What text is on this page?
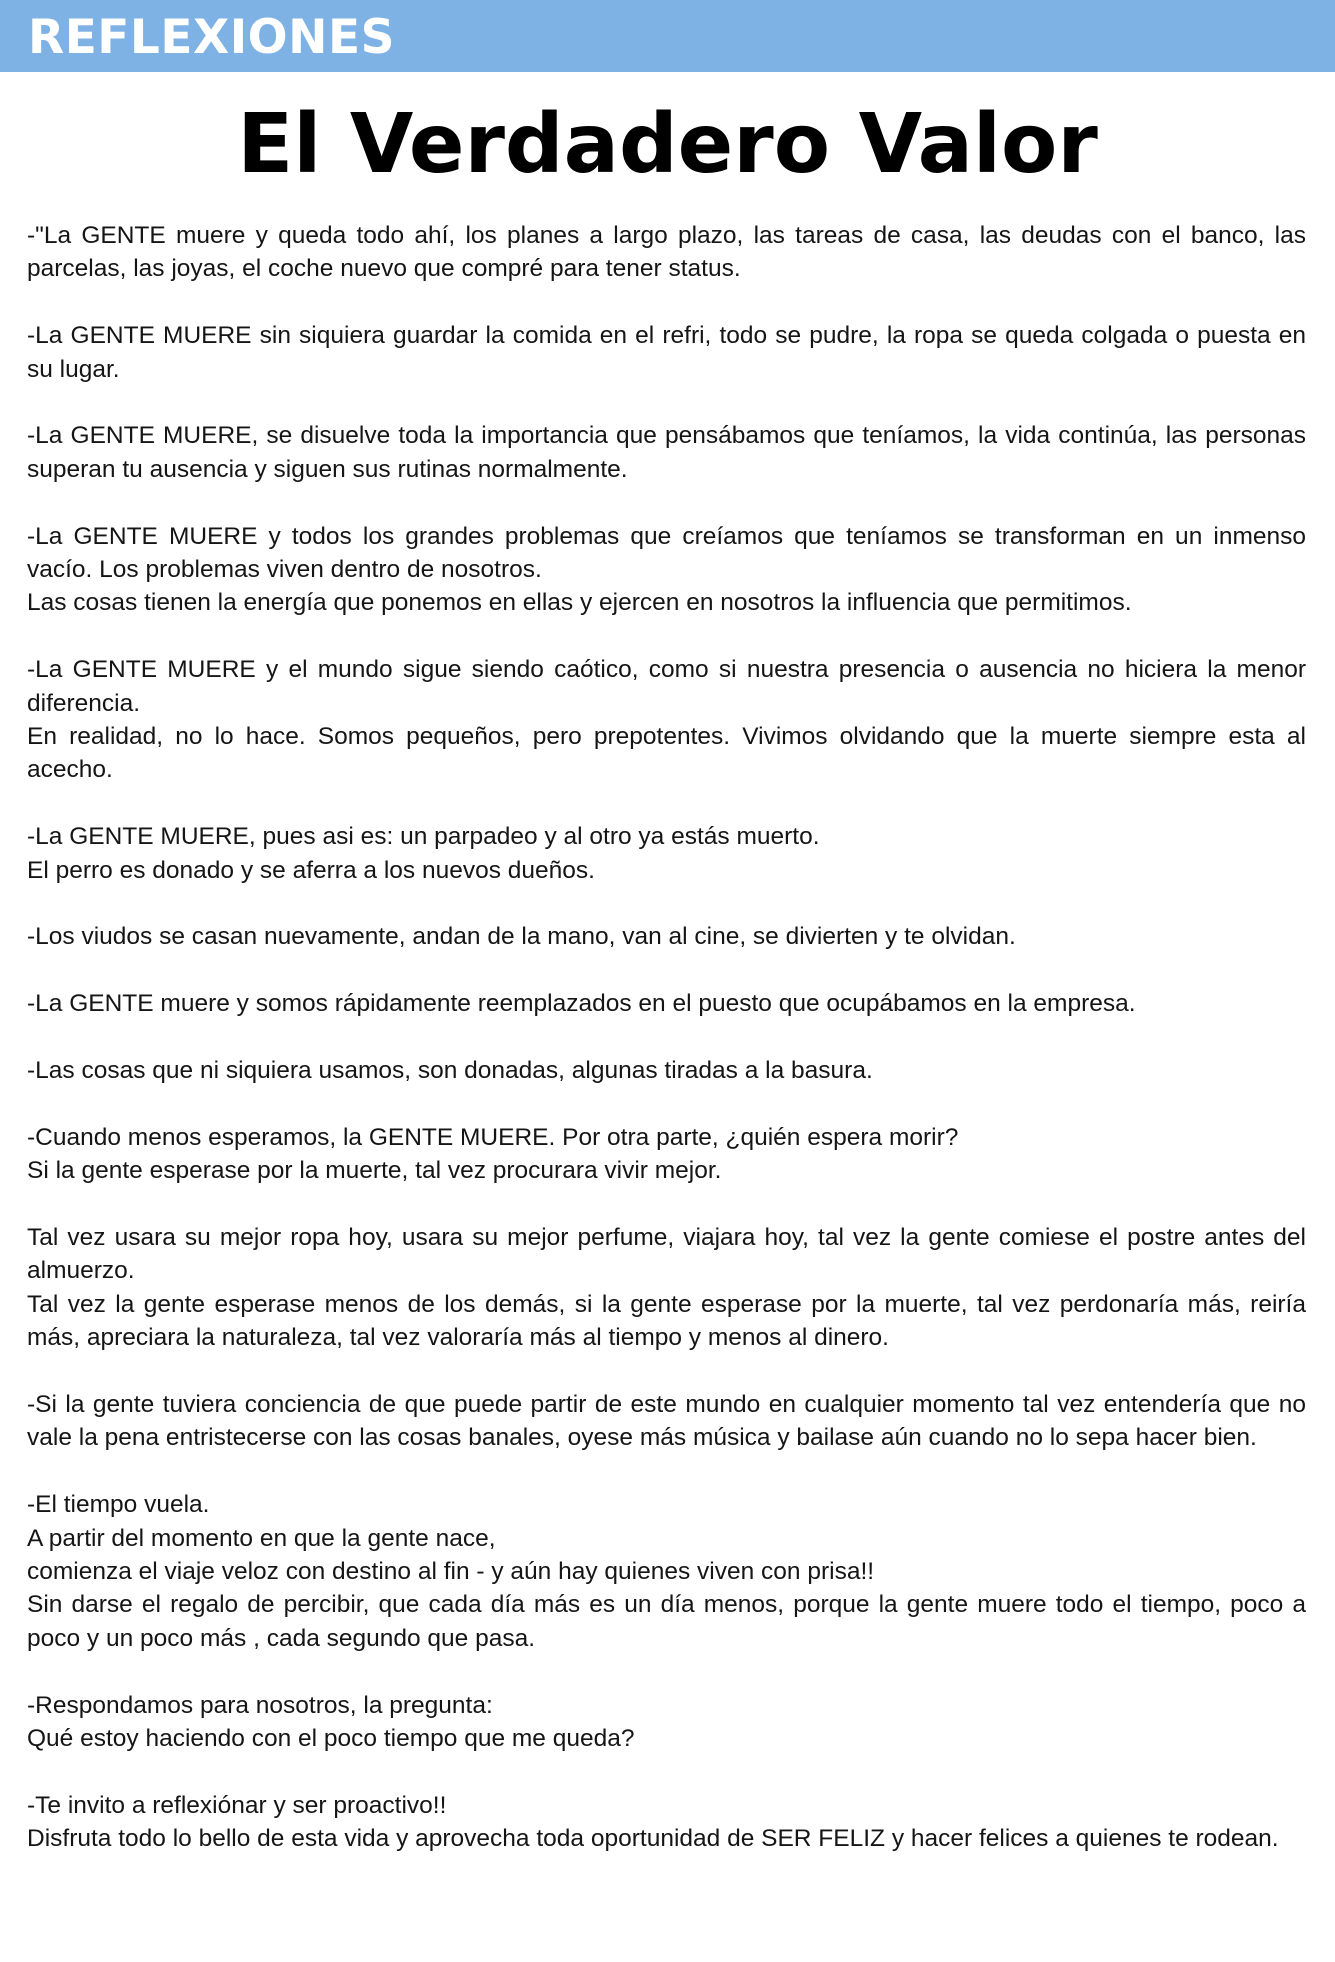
REFLEXIONES
El Verdadero Valor

-"La GENTE muere y queda todo ahí, los planes a largo plazo, las tareas de casa, las deudas con el banco, las parcelas, las joyas, el coche nuevo que compré para tener status.

-La GENTE MUERE sin siquiera guardar la comida en el refri, todo se pudre, la ropa se queda colgada o puesta en su lugar.

-La GENTE MUERE, se disuelve toda la importancia que pensábamos que teníamos, la vida continúa, las personas superan tu ausencia y siguen sus rutinas normalmente.

-La GENTE MUERE y todos los grandes problemas que creíamos que teníamos se transforman en un inmenso vacío. Los problemas viven dentro de nosotros.
Las cosas tienen la energía que ponemos en ellas y ejercen en nosotros la influencia que permitimos.

-La GENTE MUERE y el mundo sigue siendo caótico, como si nuestra presencia o ausencia no hiciera la menor diferencia.
En realidad, no lo hace. Somos pequeños, pero prepotentes. Vivimos olvidando que la muerte siempre esta al acecho.

-La GENTE MUERE, pues asi es: un parpadeo y al otro ya estás muerto.
El perro es donado y se aferra a los nuevos dueños.

-Los viudos se casan nuevamente, andan de la mano, van al cine, se divierten y te olvidan.

-La GENTE muere y somos rápidamente reemplazados en el puesto que ocupábamos en la empresa.

-Las cosas que ni siquiera usamos, son donadas, algunas tiradas a la basura.

-Cuando menos esperamos, la GENTE MUERE. Por otra parte, ¿quién espera morir?
Si la gente esperase por la muerte, tal vez procurara vivir mejor.

Tal vez usara su mejor ropa hoy, usara su mejor perfume, viajara hoy, tal vez la gente comiese el postre antes del almuerzo.
Tal vez la gente esperase menos de los demás, si la gente esperase por la muerte, tal vez perdonaría más, reiría más, apreciara la naturaleza, tal vez valoraría más al tiempo y menos al dinero.

-Si la gente tuviera conciencia de que puede partir de este mundo en cualquier momento tal vez entendería que no vale la pena entristecerse con las cosas banales, oyese más música y bailase aún cuando no lo sepa hacer bien.

-El tiempo vuela.
A partir del momento en que la gente nace,
comienza el viaje veloz con destino al fin - y aún hay quienes viven con prisa!!
Sin darse el regalo de percibir, que cada día más es un día menos, porque la gente muere todo el tiempo, poco a poco y un poco más , cada segundo que pasa.

-Respondamos para nosotros, la pregunta:
Qué estoy haciendo con el poco tiempo que me queda?

-Te invito a reflexiónar y ser proactivo!!
Disfruta todo lo bello de esta vida y aprovecha toda oportunidad de SER FELIZ y hacer felices a quienes te rodean.
